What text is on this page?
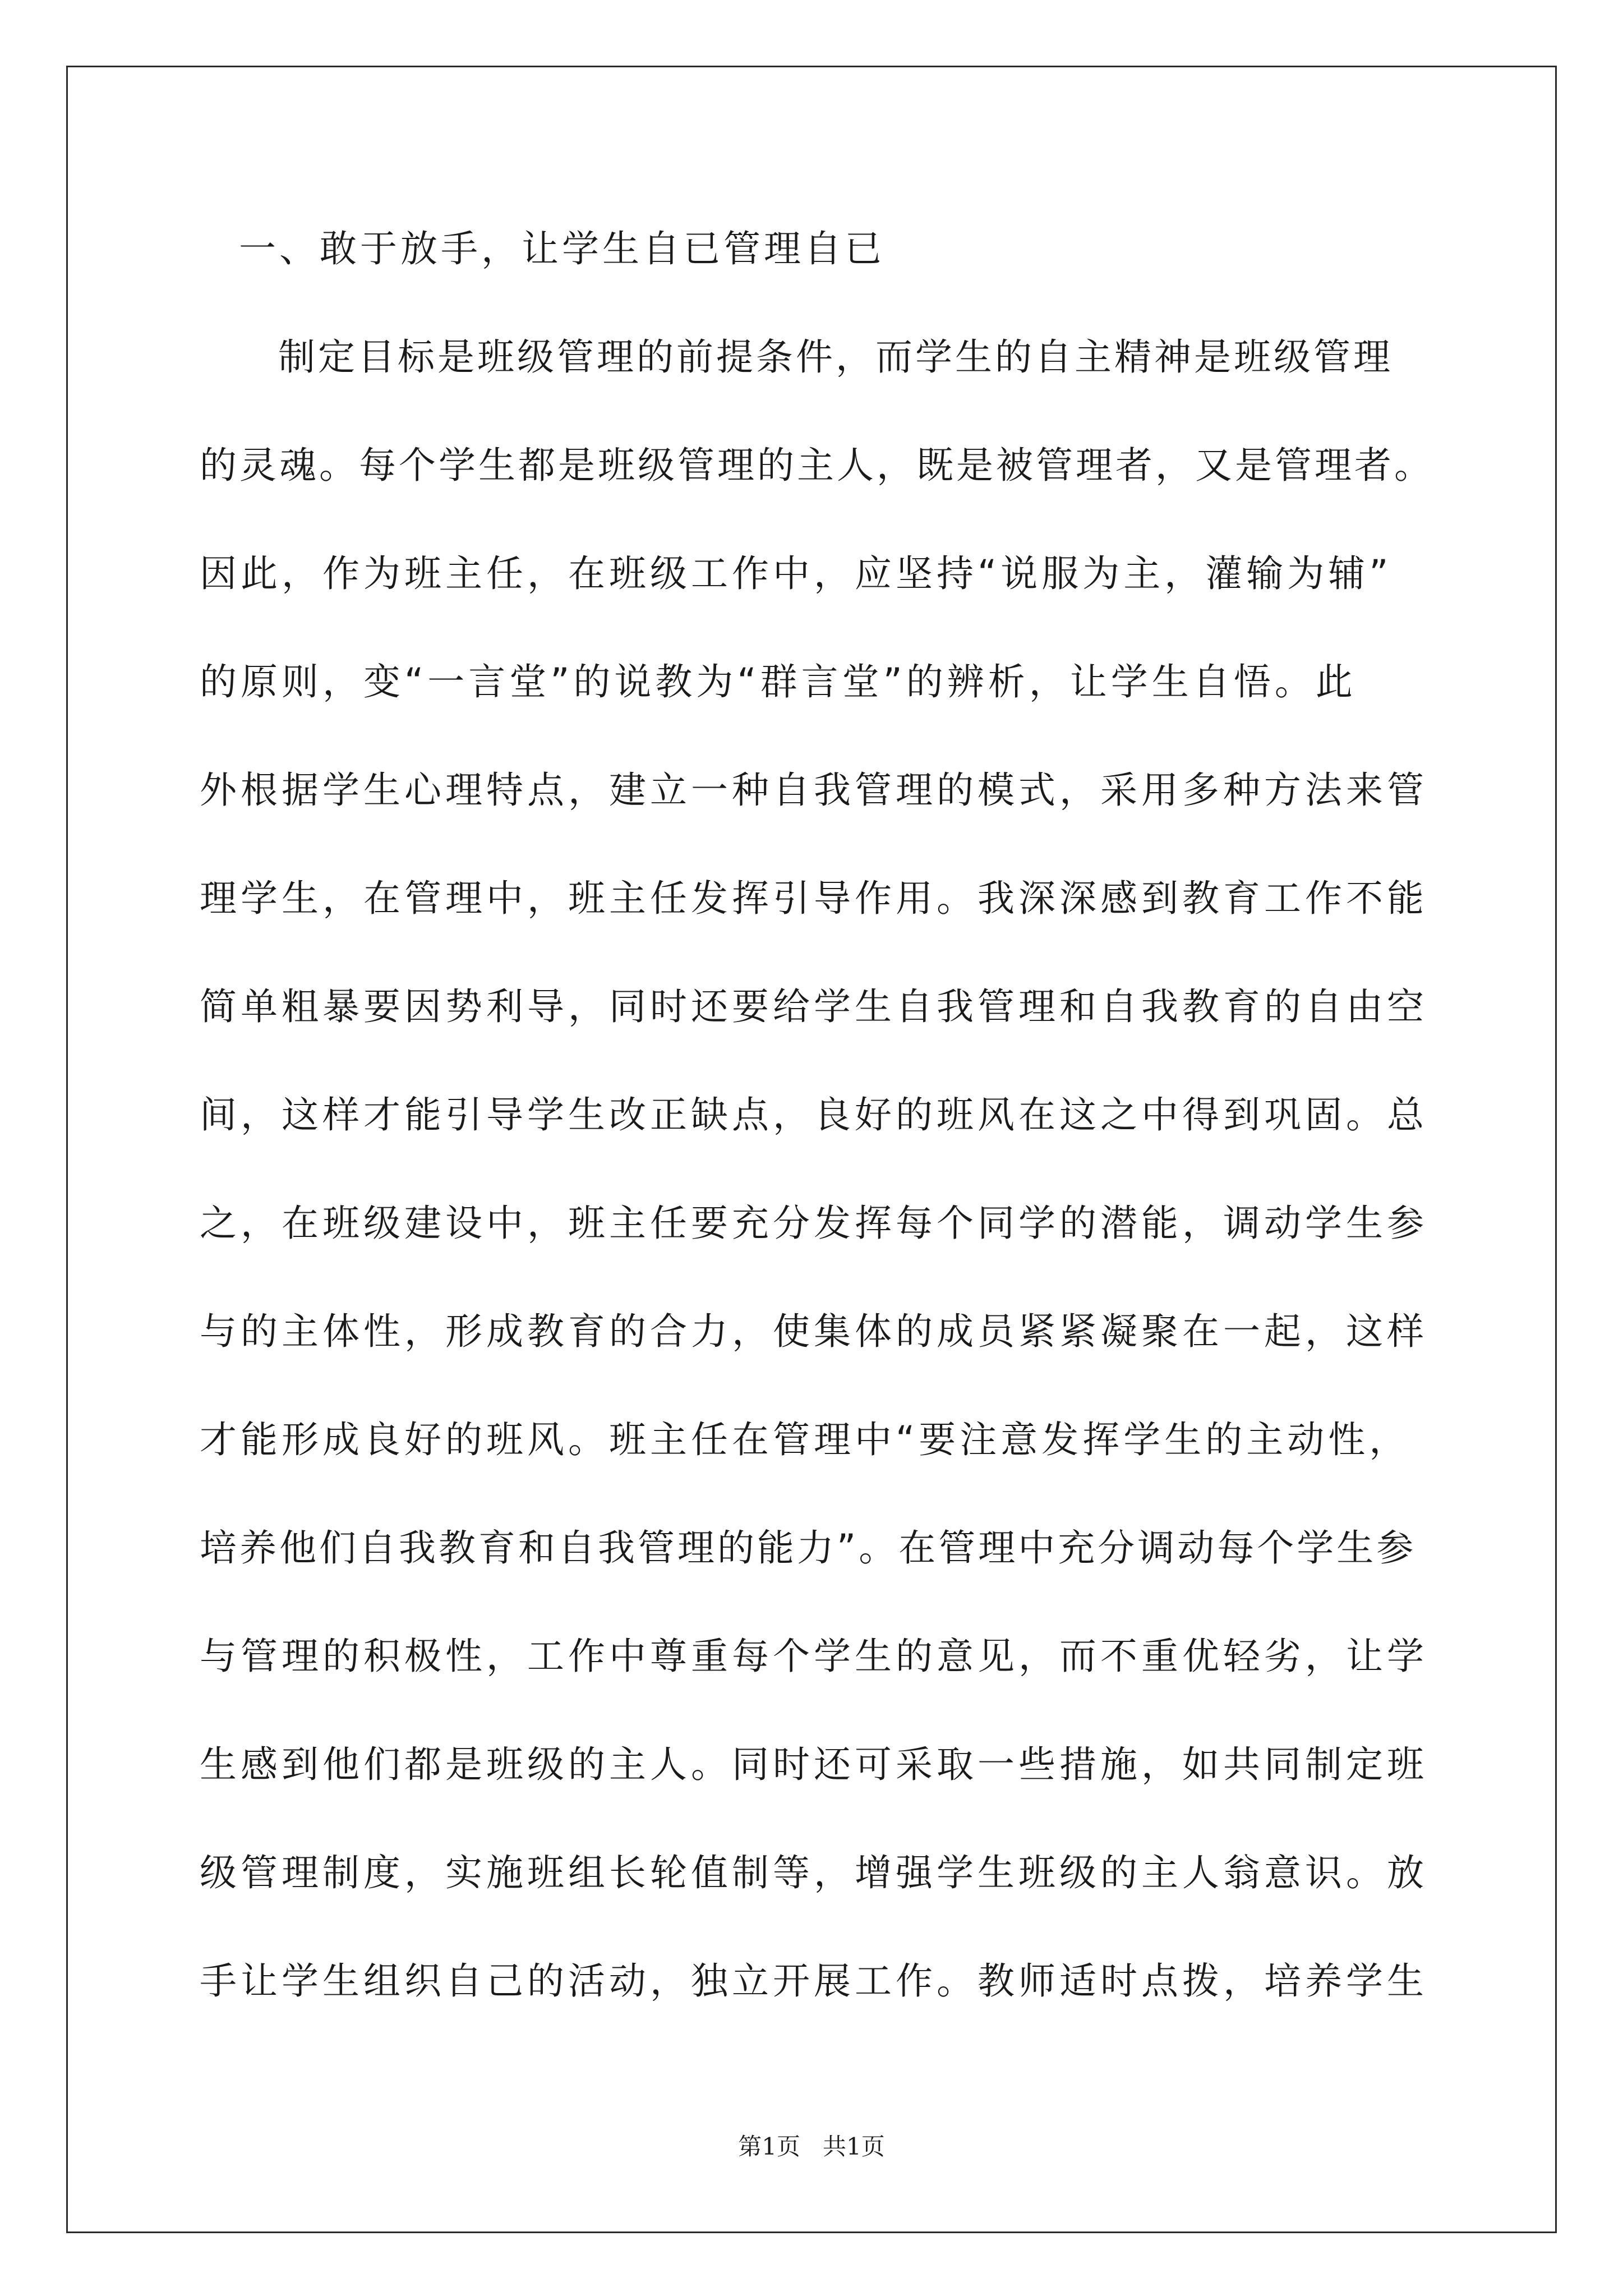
一、敢于放手，让学生自已管理自已
制定目标是班级管理的前提条件，而学生的自主精神是班级管理
的灵魂。每个学生都是班级管理的主人，既是被管理者，又是管理者。
因此，作为班主任，在班级工作中，应坚持“说服为主，灌输为辅”
的原则，变“一言堂”的说教为“群言堂”的辨析，让学生自悟。此
外根据学生心理特点，建立一种自我管理的模式，采用多种方法来管
理学生，在管理中，班主任发挥引导作用。我深深感到教育工作不能
简单粗暴要因势利导，同时还要给学生自我管理和自我教育的自由空
间，这样才能引导学生改正缺点，良好的班风在这之中得到巩固。总
之，在班级建设中，班主任要充分发挥每个同学的潜能，调动学生参
与的主体性，形成教育的合力，使集体的成员紧紧凝聚在一起，这样
才能形成良好的班风。班主任在管理中“要注意发挥学生的主动性，
培养他们自我教育和自我管理的能力”。在管理中充分调动每个学生参
与管理的积极性，工作中尊重每个学生的意见，而不重优轻劣，让学
生感到他们都是班级的主人。同时还可采取一些措施，如共同制定班
级管理制度，实施班组长轮值制等，增强学生班级的主人翁意识。放
手让学生组织自己的活动，独立开展工作。教师适时点拨，培养学生
第1页   共1页
